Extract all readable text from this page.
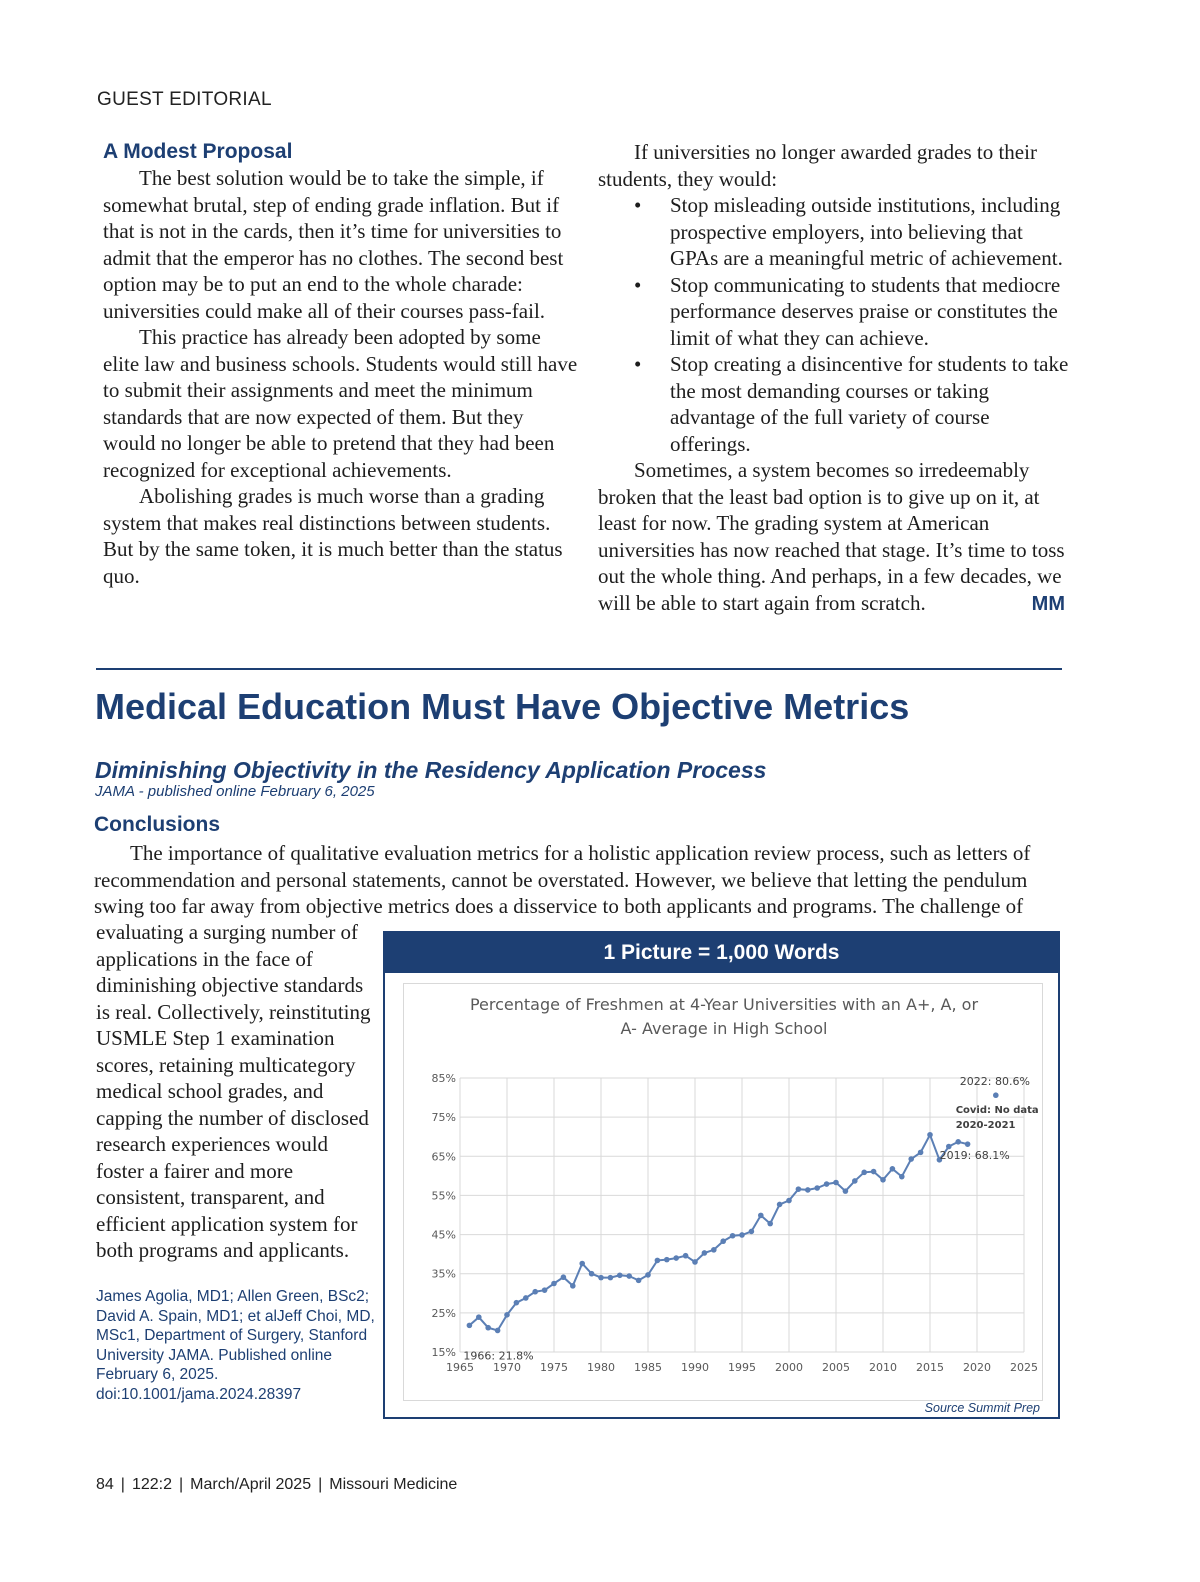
GUEST EDITORIAL
A Modest Proposal

The best solution would be to take the simple, if somewhat brutal, step of ending grade inflation. But if that is not in the cards, then it’s time for universities to admit that the emperor has no clothes. The second best option may be to put an end to the whole charade: universities could make all of their courses pass-fail.

This practice has already been adopted by some elite law and business schools. Students would still have to submit their assignments and meet the minimum standards that are now expected of them. But they would no longer be able to pretend that they had been recognized for exceptional achievements.

Abolishing grades is much worse than a grading system that makes real distinctions between students. But by the same token, it is much better than the status quo.

If universities no longer awarded grades to their students, they would:

• Stop misleading outside institutions, including prospective employers, into believing that GPAs are a meaningful metric of achievement.
• Stop communicating to students that mediocre performance deserves praise or constitutes the limit of what they can achieve.
• Stop creating a disincentive for students to take the most demanding courses or taking advantage of the full variety of course offerings.

Sometimes, a system becomes so irredeemably broken that the least bad option is to give up on it, at least for now. The grading system at American universities has now reached that stage. It’s time to toss out the whole thing. And perhaps, in a few decades, we will be able to start again from scratch.	MM
Medical Education Must Have Objective Metrics
Diminishing Objectivity in the Residency Application Process
JAMA - published online February 6, 2025
Conclusions

The importance of qualitative evaluation metrics for a holistic application review process, such as letters of recommendation and personal statements, cannot be overstated. However, we believe that letting the pendulum swing too far away from objective metrics does a disservice to both applicants and programs. The challenge of

evaluating a surging number of applications in the face of diminishing objective standards is real. Collectively, reinstituting USMLE Step 1 examination scores, retaining multicategory medical school grades, and capping the number of disclosed research experiences would foster a fairer and more consistent, transparent, and efficient application system for both programs and applicants.

James Agolia, MD1; Allen Green, BSc2; David A. Spain, MD1; et alJeff Choi, MD, MSc1, Department of Surgery, Stanford University JAMA. Published online February 6, 2025. doi:10.1001/jama.2024.28397
1 Picture = 1,000 Words
15%
25%
35%
45%
55%
65%
75%
85%
1965 1970 1975 1980 1985 1990 1995 2000 2005 2010 2015 2020 2025
1966: 21.8%
2019: 68.1%
2022: 80.6%
Covid: No data
2020-2021
Percentage of Freshmen at 4-Year Universities with an A+, A, or
A- Average in High School
Source Summit Prep
84 | 122:2 | March/April 2025 | Missouri Medicine
